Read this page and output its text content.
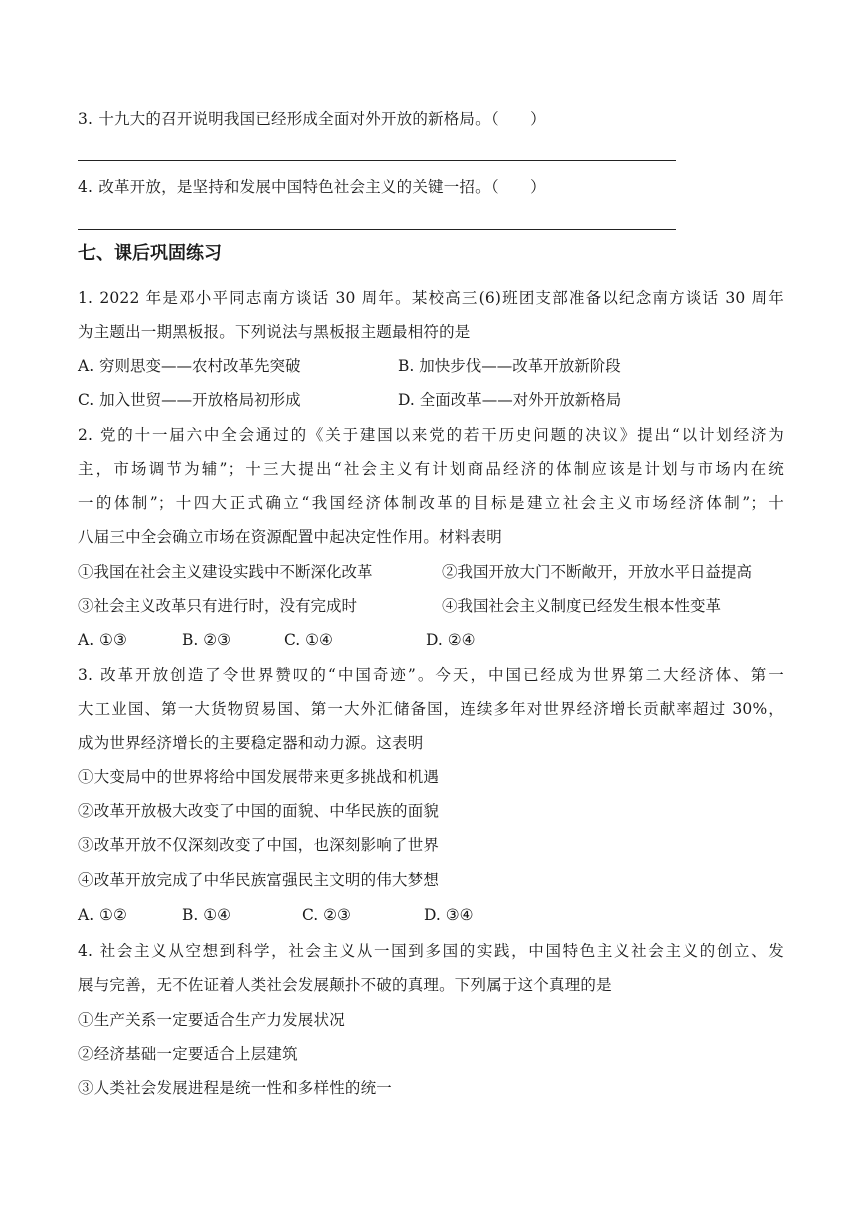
3. 十九大的召开说明我国已经形成全面对外开放的新格局。（　　）
4. 改革开放，是坚持和发展中国特色社会主义的关键一招。（　　）
七、课后巩固练习
1. 2022 年是邓小平同志南方谈话 30 周年。某校高三(6)班团支部准备以纪念南方谈话 30 周年
为主题出一期黑板报。下列说法与黑板报主题最相符的是
A. 穷则思变——农村改革先突破	B. 加快步伐——改革开放新阶段
C. 加入世贸——开放格局初形成	D. 全面改革——对外开放新格局
2. 党的十一届六中全会通过的《关于建国以来党的若干历史问题的决议》提出“以计划经济为
主，市场调节为辅”；十三大提出“社会主义有计划商品经济的体制应该是计划与市场内在统
一的体制”；十四大正式确立“我国经济体制改革的目标是建立社会主义市场经济体制”；十
八届三中全会确立市场在资源配置中起决定性作用。材料表明
①我国在社会主义建设实践中不断深化改革	②我国开放大门不断敞开，开放水平日益提高
③社会主义改革只有进行时，没有完成时	④我国社会主义制度已经发生根本性变革
A. ①③	B. ②③	C. ①④	D. ②④
3. 改革开放创造了令世界赞叹的“中国奇迹”。今天，中国已经成为世界第二大经济体、第一
大工业国、第一大货物贸易国、第一大外汇储备国，连续多年对世界经济增长贡献率超过 30%，
成为世界经济增长的主要稳定器和动力源。这表明
①大变局中的世界将给中国发展带来更多挑战和机遇
②改革开放极大改变了中国的面貌、中华民族的面貌
③改革开放不仅深刻改变了中国，也深刻影响了世界
④改革开放完成了中华民族富强民主文明的伟大梦想
A. ①②	B. ①④	C. ②③	D. ③④
4. 社会主义从空想到科学，社会主义从一国到多国的实践，中国特色主义社会主义的创立、发
展与完善，无不佐证着人类社会发展颠扑不破的真理。下列属于这个真理的是
①生产关系一定要适合生产力发展状况
②经济基础一定要适合上层建筑
③人类社会发展进程是统一性和多样性的统一
